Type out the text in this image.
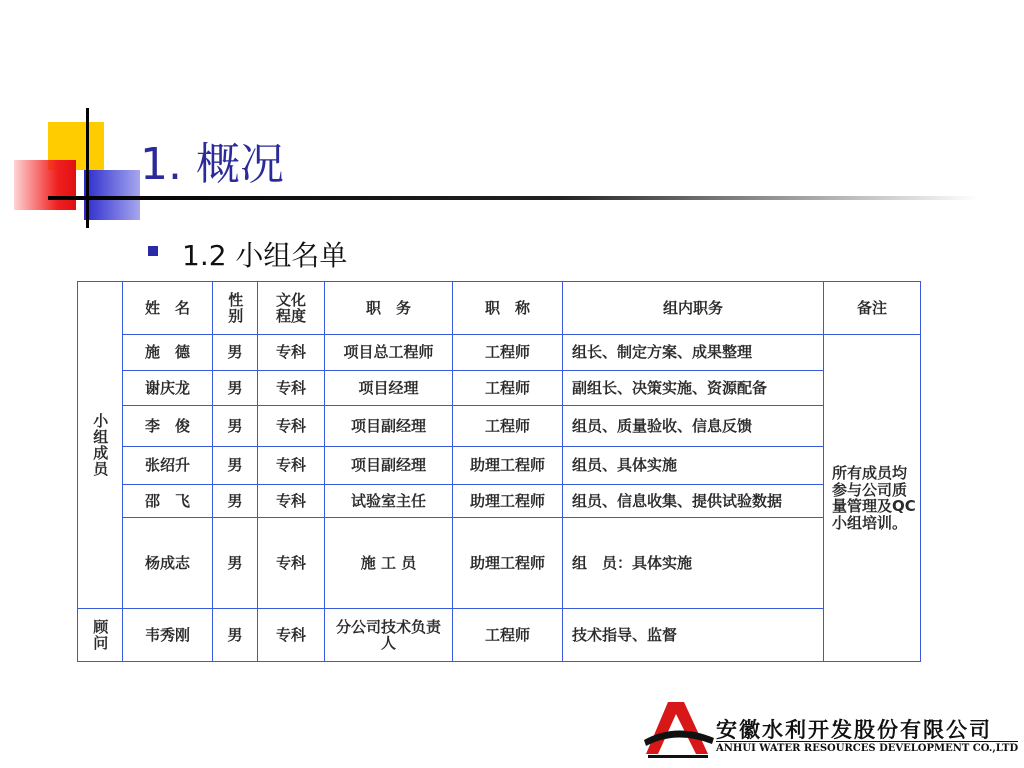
1. 概况
1.2 小组名单
小组成员	姓　名	性别	文化程度	职　务	职　称	组内职务	备注
	施　德	男	专科	项目总工程师	工程师	组长、制定方案、成果整理	所有成员均参与公司质量管理及QC小组培训。
	谢庆龙	男	专科	项目经理	工程师	副组长、决策实施、资源配备	
	李　俊	男	专科	项目副经理	工程师	组员、质量验收、信息反馈	
	张绍升	男	专科	项目副经理	助理工程师	组员、具体实施	
	邵　飞	男	专科	试验室主任	助理工程师	组员、信息收集、提供试验数据	
	杨成志	男	专科	施 工 员	助理工程师	组　员：具体实施	

顾问	韦秀刚	男	专科	分公司技术负责人	工程师	技术指导、监督	
安徽水利开发股份有限公司
ANHUI WATER RESOURCES DEVELOPMENT CO.,LTD
